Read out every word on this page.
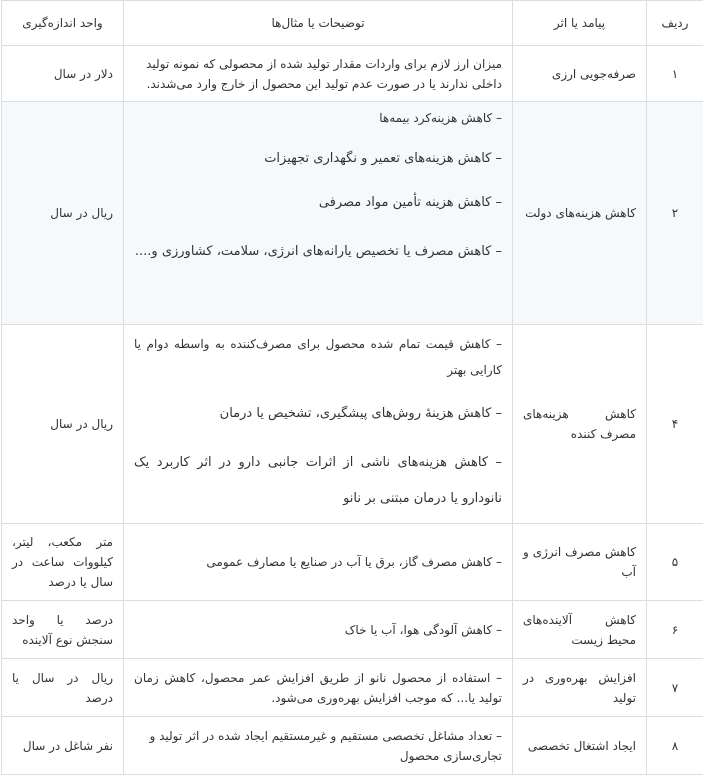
ردیف	پیامد یا اثر	توضیحات یا مثال‌ها	واحد اندازه‌گیری
۱	صرفه‌جویی ارزی	میزان ارز لازم برای واردات مقدار تولید شده از محصولی که نمونه تولید داخلی ندارند یا در صورت عدم تولید این محصول از خارج وارد می‌شدند.	دلار در سال
۲	کاهش هزینه‌های دولت	– کاهش هزینه‌کرد بیمه‌ها

– کاهش هزینه‌های تعمیر و نگهداری تجهیزات

– کاهش هزینه تأمین مواد مصرفی

– کاهش مصرف یا تخصیص یارانه‌های انرژی، سلامت، کشاورزی و....	ریال در سال
۴	کاهش هزینه‌های مصرف کننده	– کاهش قیمت تمام شده محصول برای مصرف‌کننده به واسطه دوام یا کارایی بهتر

– کاهش هزینهٔ روش‌های پیشگیری، تشخیص یا درمان

– کاهش هزینه‌های ناشی از اثرات جانبی دارو در اثر کاربرد یک نانودارو یا درمان مبتنی بر نانو	ریال در سال
۵	کاهش مصرف انرژی و آب	– کاهش مصرف گاز، برق یا آب در صنایع یا مصارف عمومی	متر مکعب، لیتر، کیلووات ساعت در سال یا درصد
۶	کاهش آلاینده‌های محیط زیست	– کاهش آلودگی هوا، آب یا خاک	درصد یا واحد سنجش نوع آلاینده
۷	افزایش بهره‌وری در تولید	– استفاده از محصول نانو از طریق افزایش عمر محصول، کاهش زمان تولید یا... که موجب افزایش بهره‌وری می‌شود.	ریال در سال یا درصد
۸	ایجاد اشتغال تخصصی	– تعداد مشاغل تخصصی مستقیم و غیرمستقیم ایجاد شده در اثر تولید و تجاری‌سازی محصول	نفر شاغل در سال
